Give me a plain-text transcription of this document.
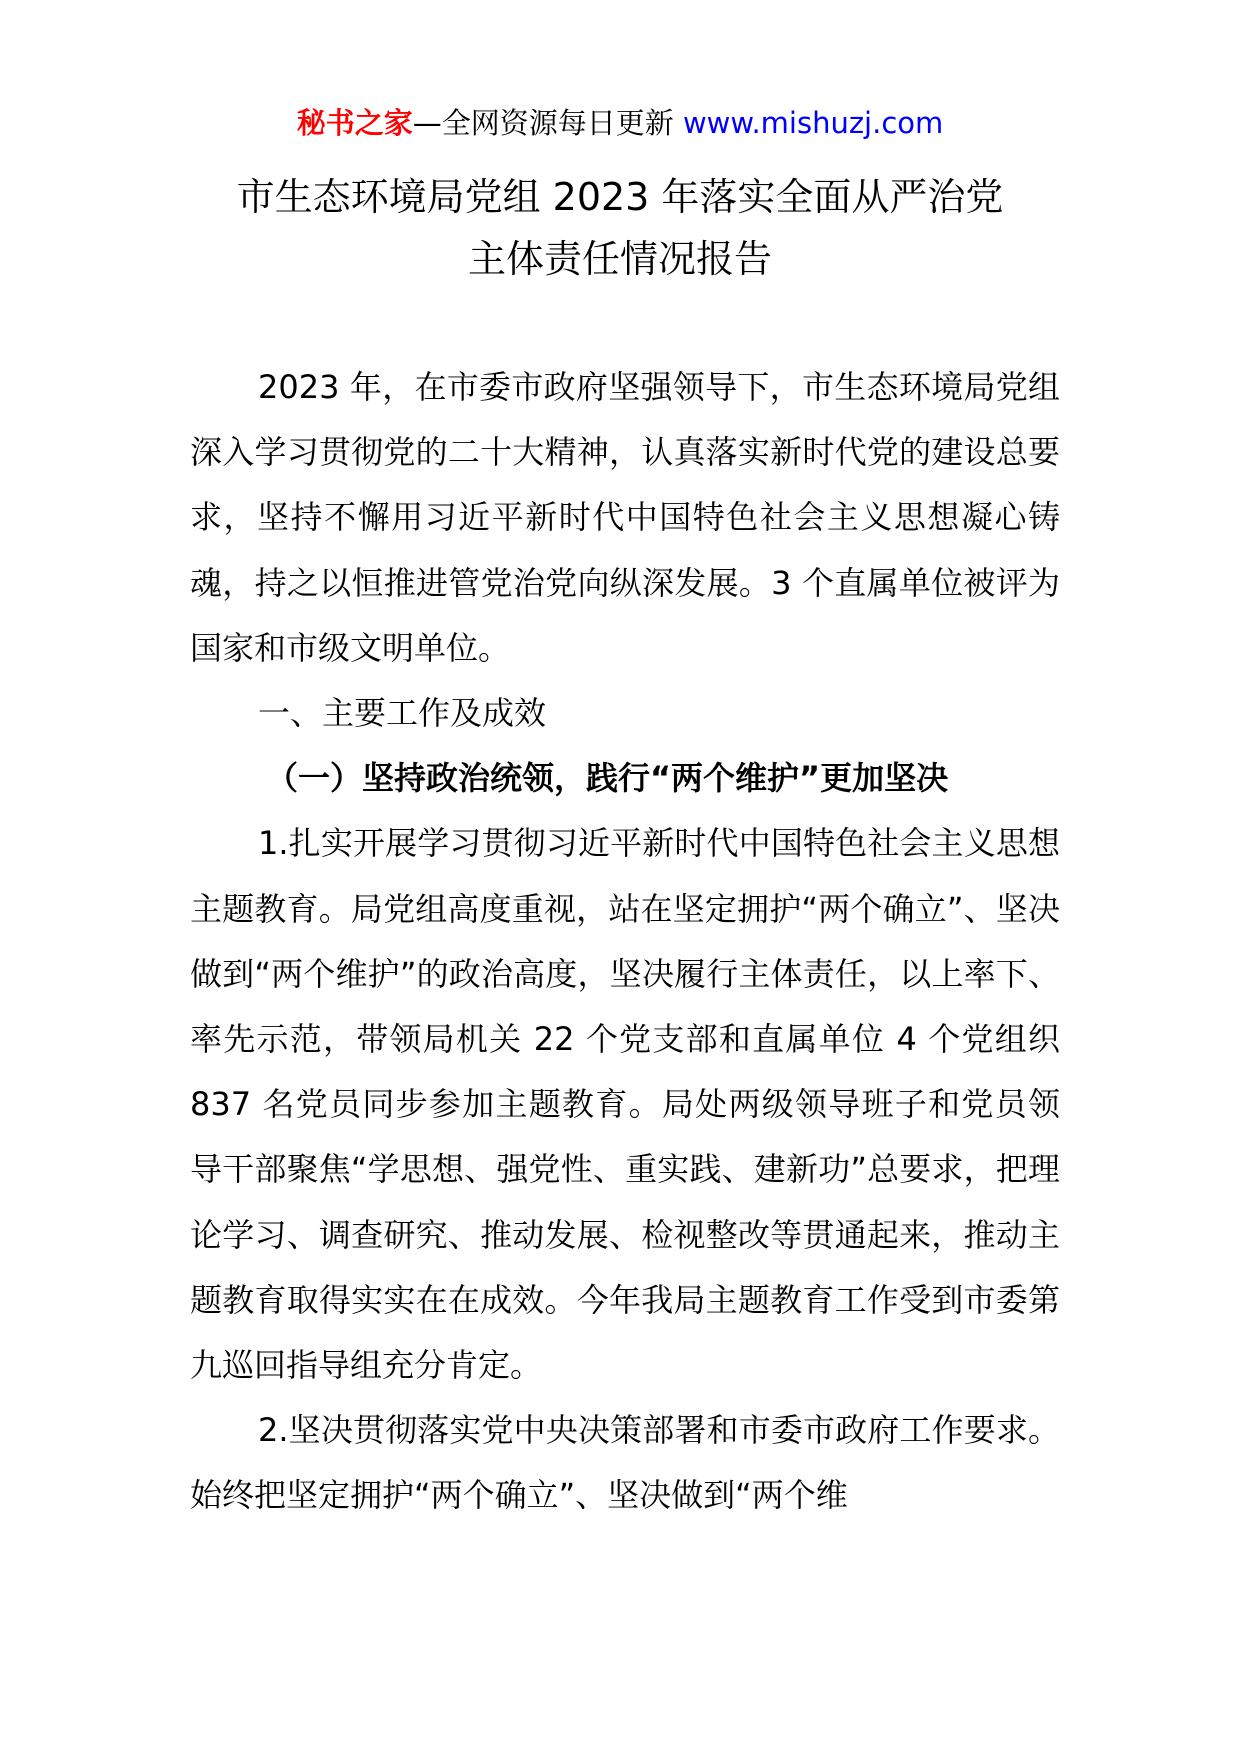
秘书之家—全网资源每日更新 www.mishuzj.com
市生态环境局党组 2023 年落实全面从严治党
主体责任情况报告

2023 年，在市委市政府坚强领导下，市生态环境局党组深入学习贯彻党的二十大精神，认真落实新时代党的建设总要求，坚持不懈用习近平新时代中国特色社会主义思想凝心铸魂，持之以恒推进管党治党向纵深发展。3 个直属单位被评为国家和市级文明单位。

一、主要工作及成效

（一）坚持政治统领，践行“两个维护”更加坚决

1.扎实开展学习贯彻习近平新时代中国特色社会主义思想主题教育。局党组高度重视，站在坚定拥护“两个确立”、坚决做到“两个维护”的政治高度，坚决履行主体责任，以上率下、率先示范，带领局机关 22 个党支部和直属单位 4 个党组织 837 名党员同步参加主题教育。局处两级领导班子和党员领导干部聚焦“学思想、强党性、重实践、建新功”总要求，把理论学习、调查研究、推动发展、检视整改等贯通起来，推动主题教育取得实实在在成效。今年我局主题教育工作受到市委第九巡回指导组充分肯定。

2.坚决贯彻落实党中央决策部署和市委市政府工作要求。始终把坚定拥护“两个确立”、坚决做到“两个维
